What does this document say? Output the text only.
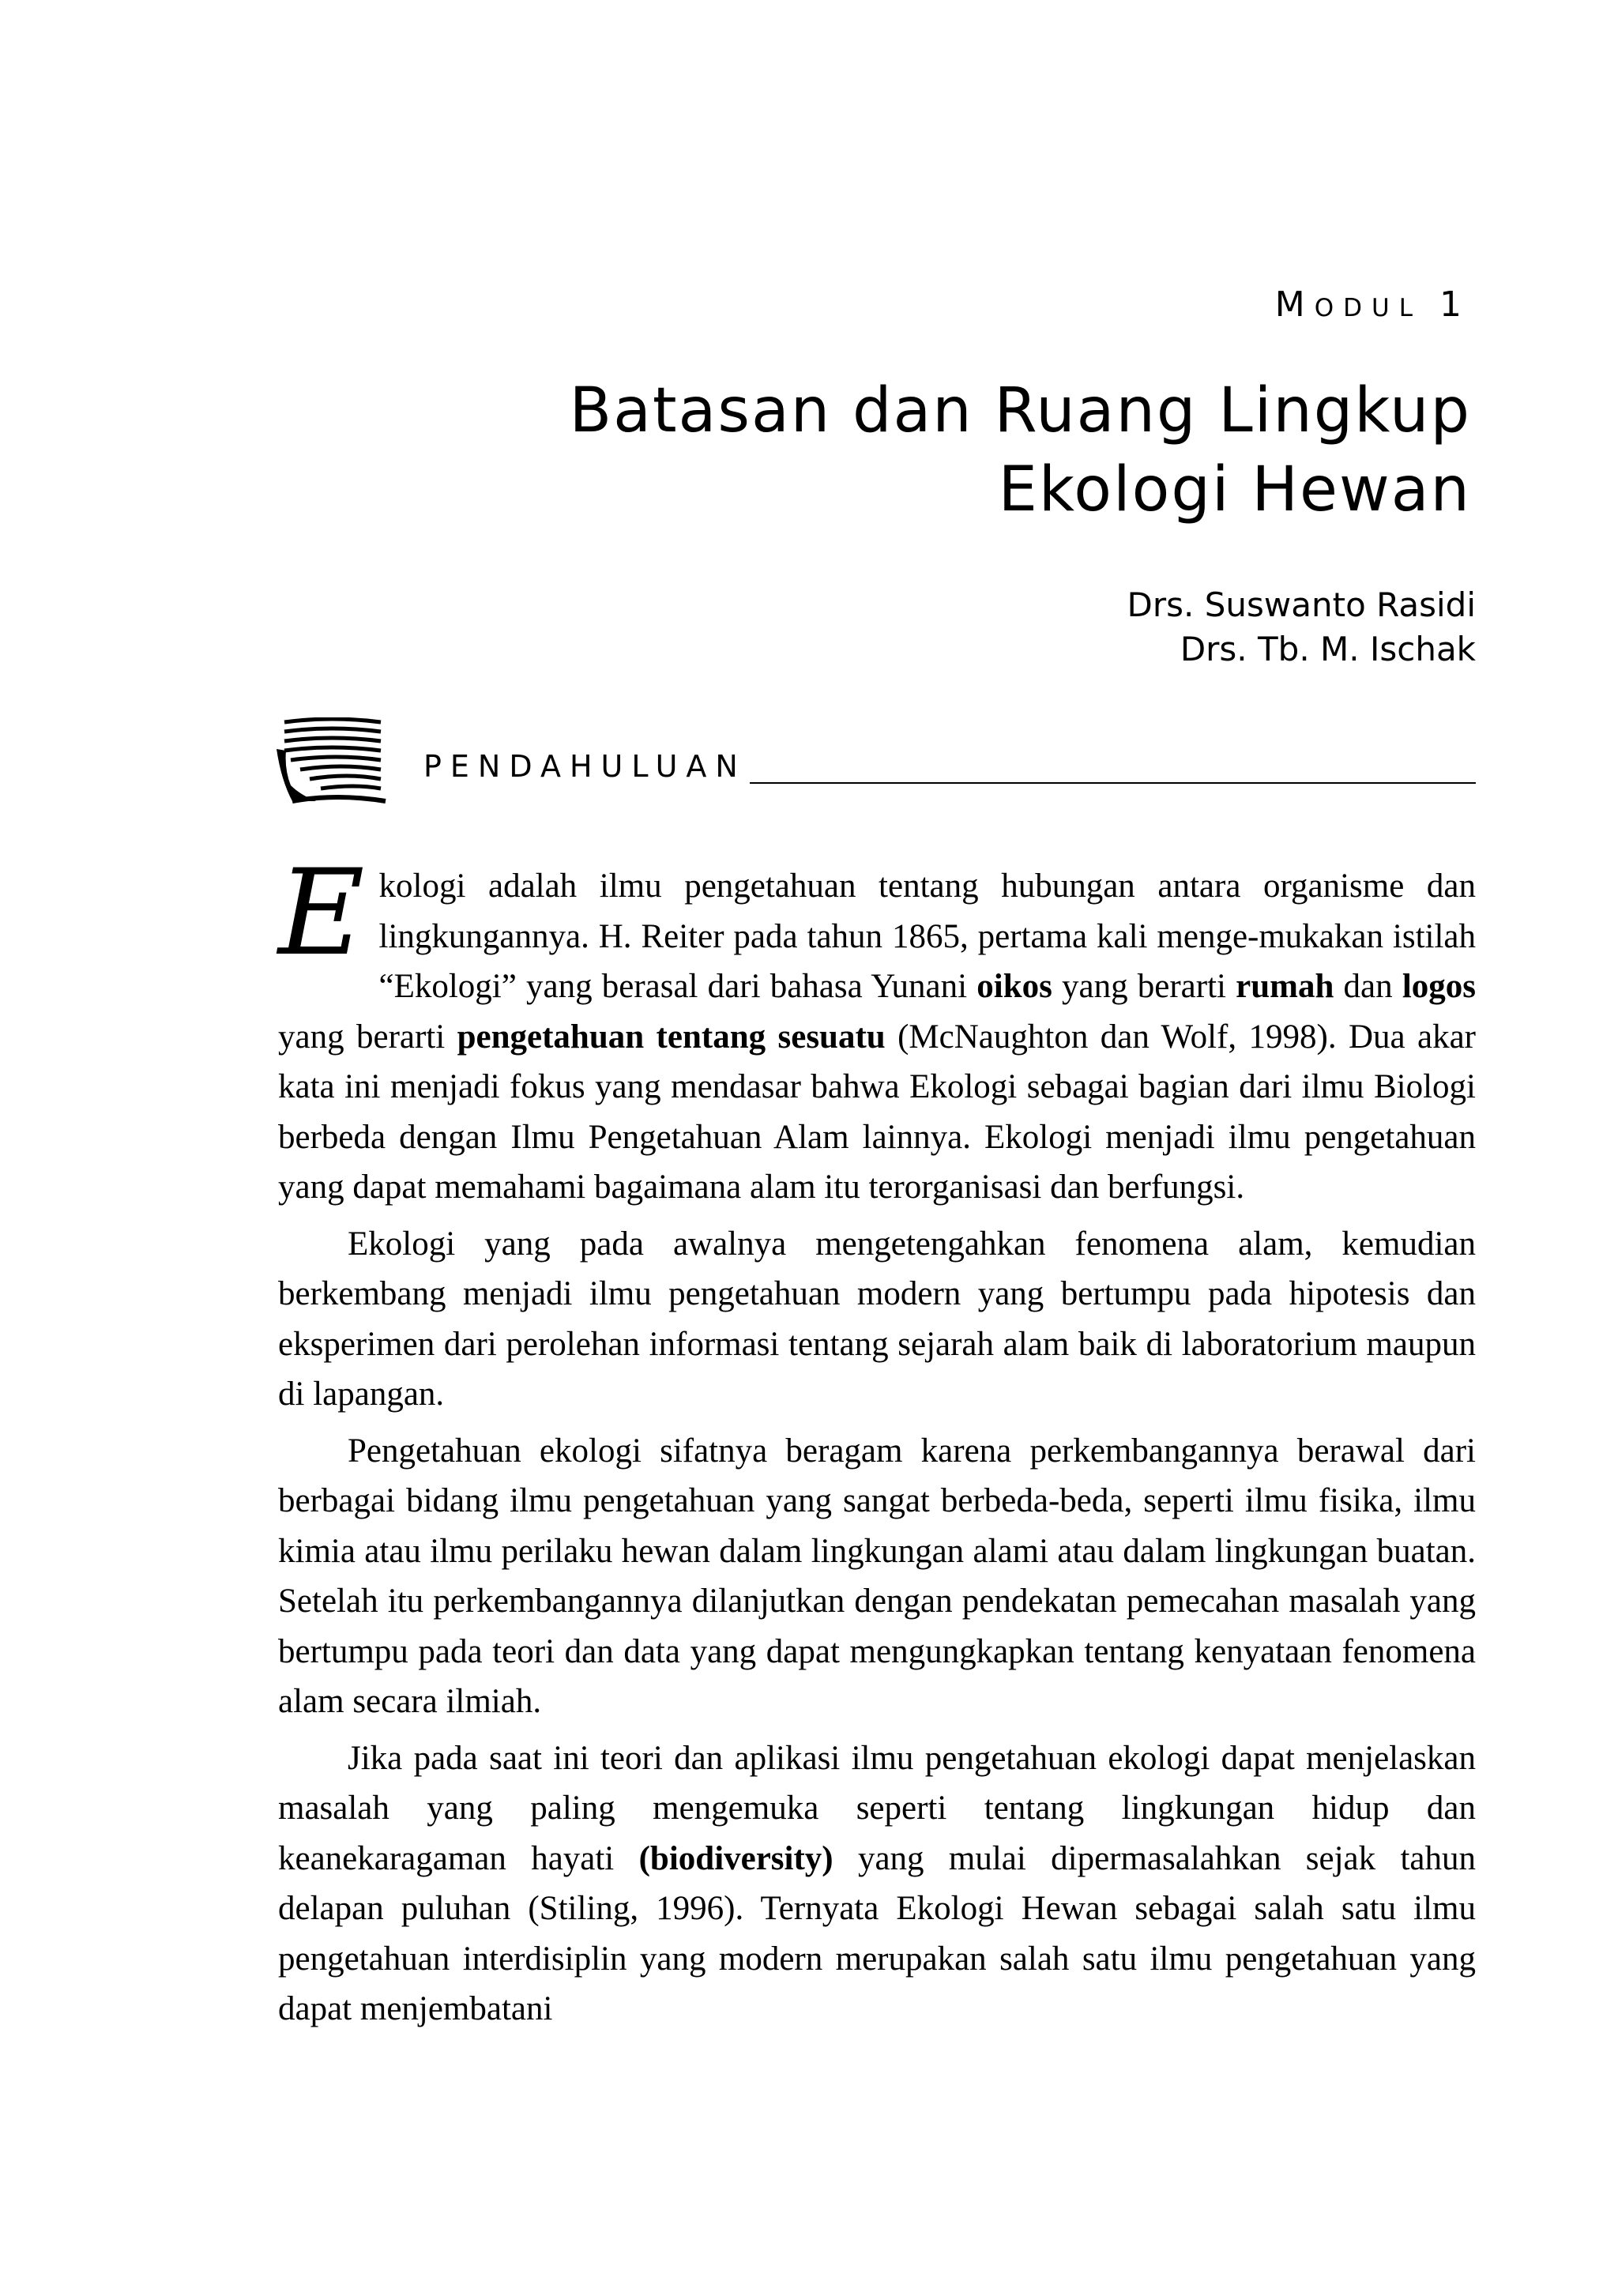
Modul 1
Batasan dan Ruang Lingkup
Ekologi Hewan
Drs. Suswanto Rasidi
Drs. Tb. M. Ischak
PENDAHULUAN

Ekologi adalah ilmu pengetahuan tentang hubungan antara organisme dan lingkungannya. H. Reiter pada tahun 1865, pertama kali menge-mukakan istilah “Ekologi” yang berasal dari bahasa Yunani oikos yang berarti rumah dan logos yang berarti pengetahuan tentang sesuatu (McNaughton dan Wolf, 1998). Dua akar kata ini menjadi fokus yang mendasar bahwa Ekologi sebagai bagian dari ilmu Biologi berbeda dengan Ilmu Pengetahuan Alam lainnya. Ekologi menjadi ilmu pengetahuan yang dapat memahami bagaimana alam itu terorganisasi dan berfungsi.

Ekologi yang pada awalnya mengetengahkan fenomena alam, kemudian berkembang menjadi ilmu pengetahuan modern yang bertumpu pada hipotesis dan eksperimen dari perolehan informasi tentang sejarah alam baik di laboratorium maupun di lapangan.

Pengetahuan ekologi sifatnya beragam karena perkembangannya berawal dari berbagai bidang ilmu pengetahuan yang sangat berbeda-beda, seperti ilmu fisika, ilmu kimia atau ilmu perilaku hewan dalam lingkungan alami atau dalam lingkungan buatan. Setelah itu perkembangannya dilanjutkan dengan pendekatan pemecahan masalah yang bertumpu pada teori dan data yang dapat mengungkapkan tentang kenyataan fenomena alam secara ilmiah.

Jika pada saat ini teori dan aplikasi ilmu pengetahuan ekologi dapat menjelaskan masalah yang paling mengemuka seperti tentang lingkungan hidup dan keanekaragaman hayati (biodiversity) yang mulai dipermasalahkan sejak tahun delapan puluhan (Stiling, 1996). Ternyata Ekologi Hewan sebagai salah satu ilmu pengetahuan interdisiplin yang modern merupakan salah satu ilmu pengetahuan yang dapat menjembatani
